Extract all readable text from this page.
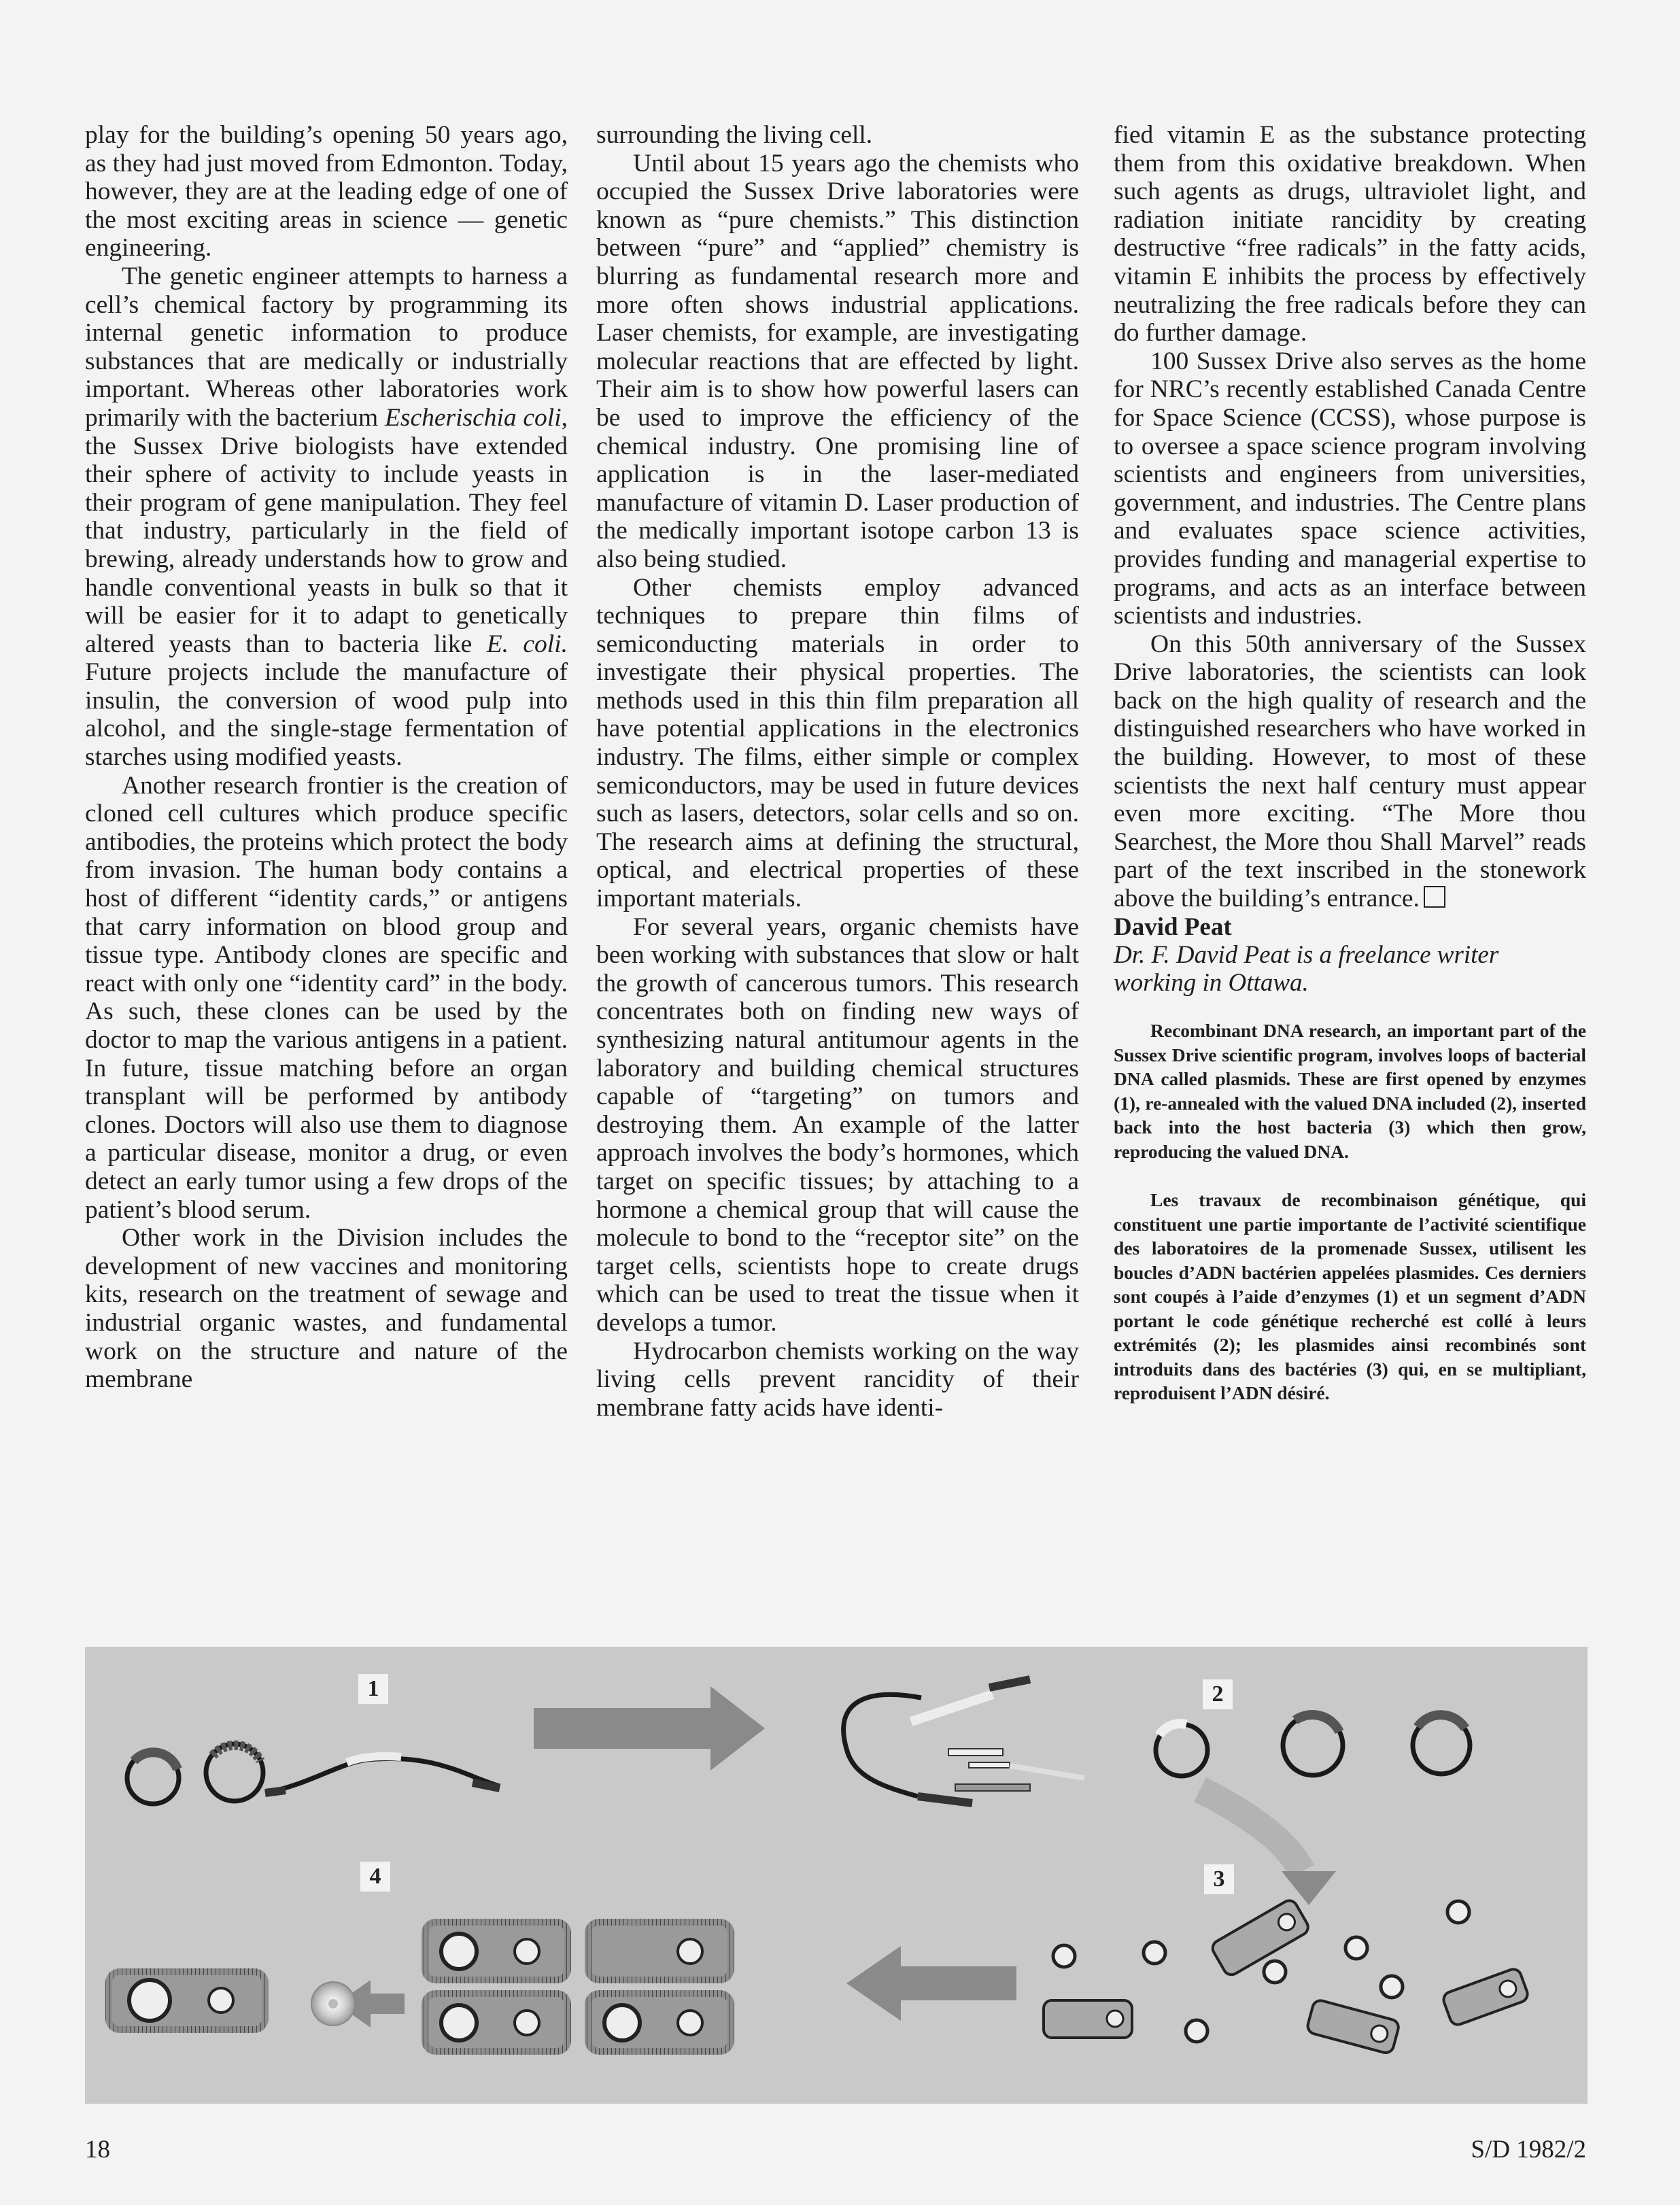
play for the building’s opening 50 years ago, as they had just moved from Edmonton. Today, however, they are at the leading edge of one of the most exciting areas in science — genetic engineering.

The genetic engineer attempts to harness a cell’s chemical factory by programming its internal genetic information to produce substances that are medically or industrially important. Whereas other laboratories work primarily with the bacterium Escherischia coli, the Sussex Drive biologists have extended their sphere of activity to include yeasts in their program of gene manipulation. They feel that industry, particularly in the field of brewing, already understands how to grow and handle conventional yeasts in bulk so that it will be easier for it to adapt to genetically altered yeasts than to bacteria like E. coli. Future projects include the manufacture of insulin, the conversion of wood pulp into alcohol, and the single-stage fermentation of starches using modified yeasts.

Another research frontier is the creation of cloned cell cultures which produce specific antibodies, the proteins which protect the body from invasion. The human body contains a host of different “identity cards,” or antigens that carry information on blood group and tissue type. Antibody clones are specific and react with only one “identity card” in the body. As such, these clones can be used by the doctor to map the various antigens in a patient. In future, tissue matching before an organ transplant will be performed by antibody clones. Doctors will also use them to diagnose a particular disease, monitor a drug, or even detect an early tumor using a few drops of the patient’s blood serum.

Other work in the Division includes the development of new vaccines and monitoring kits, research on the treatment of sewage and industrial organic wastes, and fundamental work on the structure and nature of the membrane

surrounding the living cell.

Until about 15 years ago the chemists who occupied the Sussex Drive laboratories were known as “pure chemists.” This distinction between “pure” and “applied” chemistry is blurring as fundamental research more and more often shows industrial applications. Laser chemists, for example, are investigating molecular reactions that are effected by light. Their aim is to show how powerful lasers can be used to improve the efficiency of the chemical industry. One promising line of application is in the laser-mediated manufacture of vitamin D. Laser production of the medically important isotope carbon 13 is also being studied.

Other chemists employ advanced techniques to prepare thin films of semiconducting materials in order to investigate their physical properties. The methods used in this thin film preparation all have potential applications in the electronics industry. The films, either simple or complex semiconductors, may be used in future devices such as lasers, detectors, solar cells and so on. The research aims at defining the structural, optical, and electrical properties of these important materials.

For several years, organic chemists have been working with substances that slow or halt the growth of cancerous tumors. This research concentrates both on finding new ways of synthesizing natural antitumour agents in the laboratory and building chemical structures capable of “targeting” on tumors and destroying them. An example of the latter approach involves the body’s hormones, which target on specific tissues; by attaching to a hormone a chemical group that will cause the molecule to bond to the “receptor site” on the target cells, scientists hope to create drugs which can be used to treat the tissue when it develops a tumor.

Hydrocarbon chemists working on the way living cells prevent rancidity of their membrane fatty acids have identi-

fied vitamin E as the substance protecting them from this oxidative breakdown. When such agents as drugs, ultraviolet light, and radiation initiate rancidity by creating destructive “free radicals” in the fatty acids, vitamin E inhibits the process by effectively neutralizing the free radicals before they can do further damage.

100 Sussex Drive also serves as the home for NRC’s recently established Canada Centre for Space Science (CCSS), whose purpose is to oversee a space science program involving scientists and engineers from universities, government, and industries. The Centre plans and evaluates space science activities, provides funding and managerial expertise to programs, and acts as an interface between scientists and industries.

On this 50th anniversary of the Sussex Drive laboratories, the scientists can look back on the high quality of research and the distinguished researchers who have worked in the building. However, to most of these scientists the next half century must appear even more exciting. “The More thou Searchest, the More thou Shall Marvel” reads part of the text inscribed in the stonework above the building’s entrance.

David Peat

Dr. F. David Peat is a freelance writer working in Ottawa.

Recombinant DNA research, an important part of the Sussex Drive scientific program, involves loops of bacterial DNA called plasmids. These are first opened by enzymes (1), re-annealed with the valued DNA included (2), inserted back into the host bacteria (3) which then grow, reproducing the valued DNA.

Les travaux de recombinaison génétique, qui constituent une partie importante de l’activité scientifique des laboratoires de la promenade Sussex, utilisent les boucles d’ADN bactérien appelées plasmides. Ces derniers sont coupés à l’aide d’enzymes (1) et un segment d’ADN portant le code génétique recherché est collé à leurs extrémités (2); les plasmides ainsi recombinés sont introduits dans des bactéries (3) qui, en se multipliant, reproduisent l’ADN désiré.

1	2
3
4
18	S/D 1982/2
